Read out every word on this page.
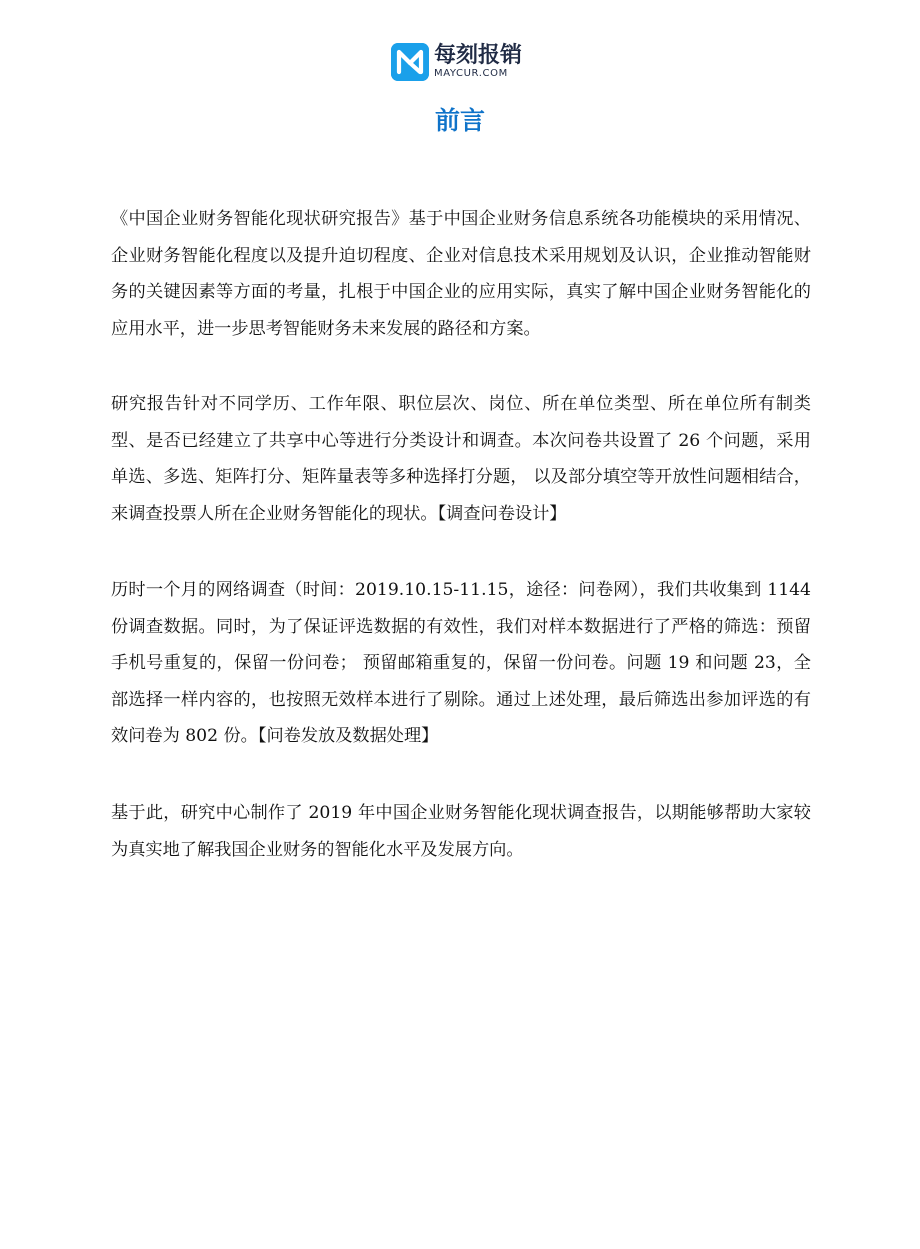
每刻报销
MAYCUR.COM
前言

《中国企业财务智能化现状研究报告》基于中国企业财务信息系统各功能模块的采用情况、企业财务智能化程度以及提升迫切程度、企业对信息技术采用规划及认识，企业推动智能财务的关键因素等方面的考量，扎根于中国企业的应用实际，真实了解中国企业财务智能化的应用水平，进一步思考智能财务未来发展的路径和方案。

研究报告针对不同学历、工作年限、职位层次、岗位、所在单位类型、所在单位所有制类型、是否已经建立了共享中心等进行分类设计和调查。本次问卷共设置了 26 个问题，采用单选、多选、矩阵打分、矩阵量表等多种选择打分题， 以及部分填空等开放性问题相结合，来调查投票人所在企业财务智能化的现状。【调查问卷设计】

历时一个月的网络调查（时间：2019.10.15-11.15，途径：问卷网），我们共收集到 1144 份调查数据。同时，为了保证评选数据的有效性，我们对样本数据进行了严格的筛选：预留手机号重复的，保留一份问卷； 预留邮箱重复的，保留一份问卷。问题 19 和问题 23，全部选择一样内容的，也按照无效样本进行了剔除。通过上述处理，最后筛选出参加评选的有效问卷为 802 份。【问卷发放及数据处理】

基于此，研究中心制作了 2019 年中国企业财务智能化现状调查报告，以期能够帮助大家较为真实地了解我国企业财务的智能化水平及发展方向。
